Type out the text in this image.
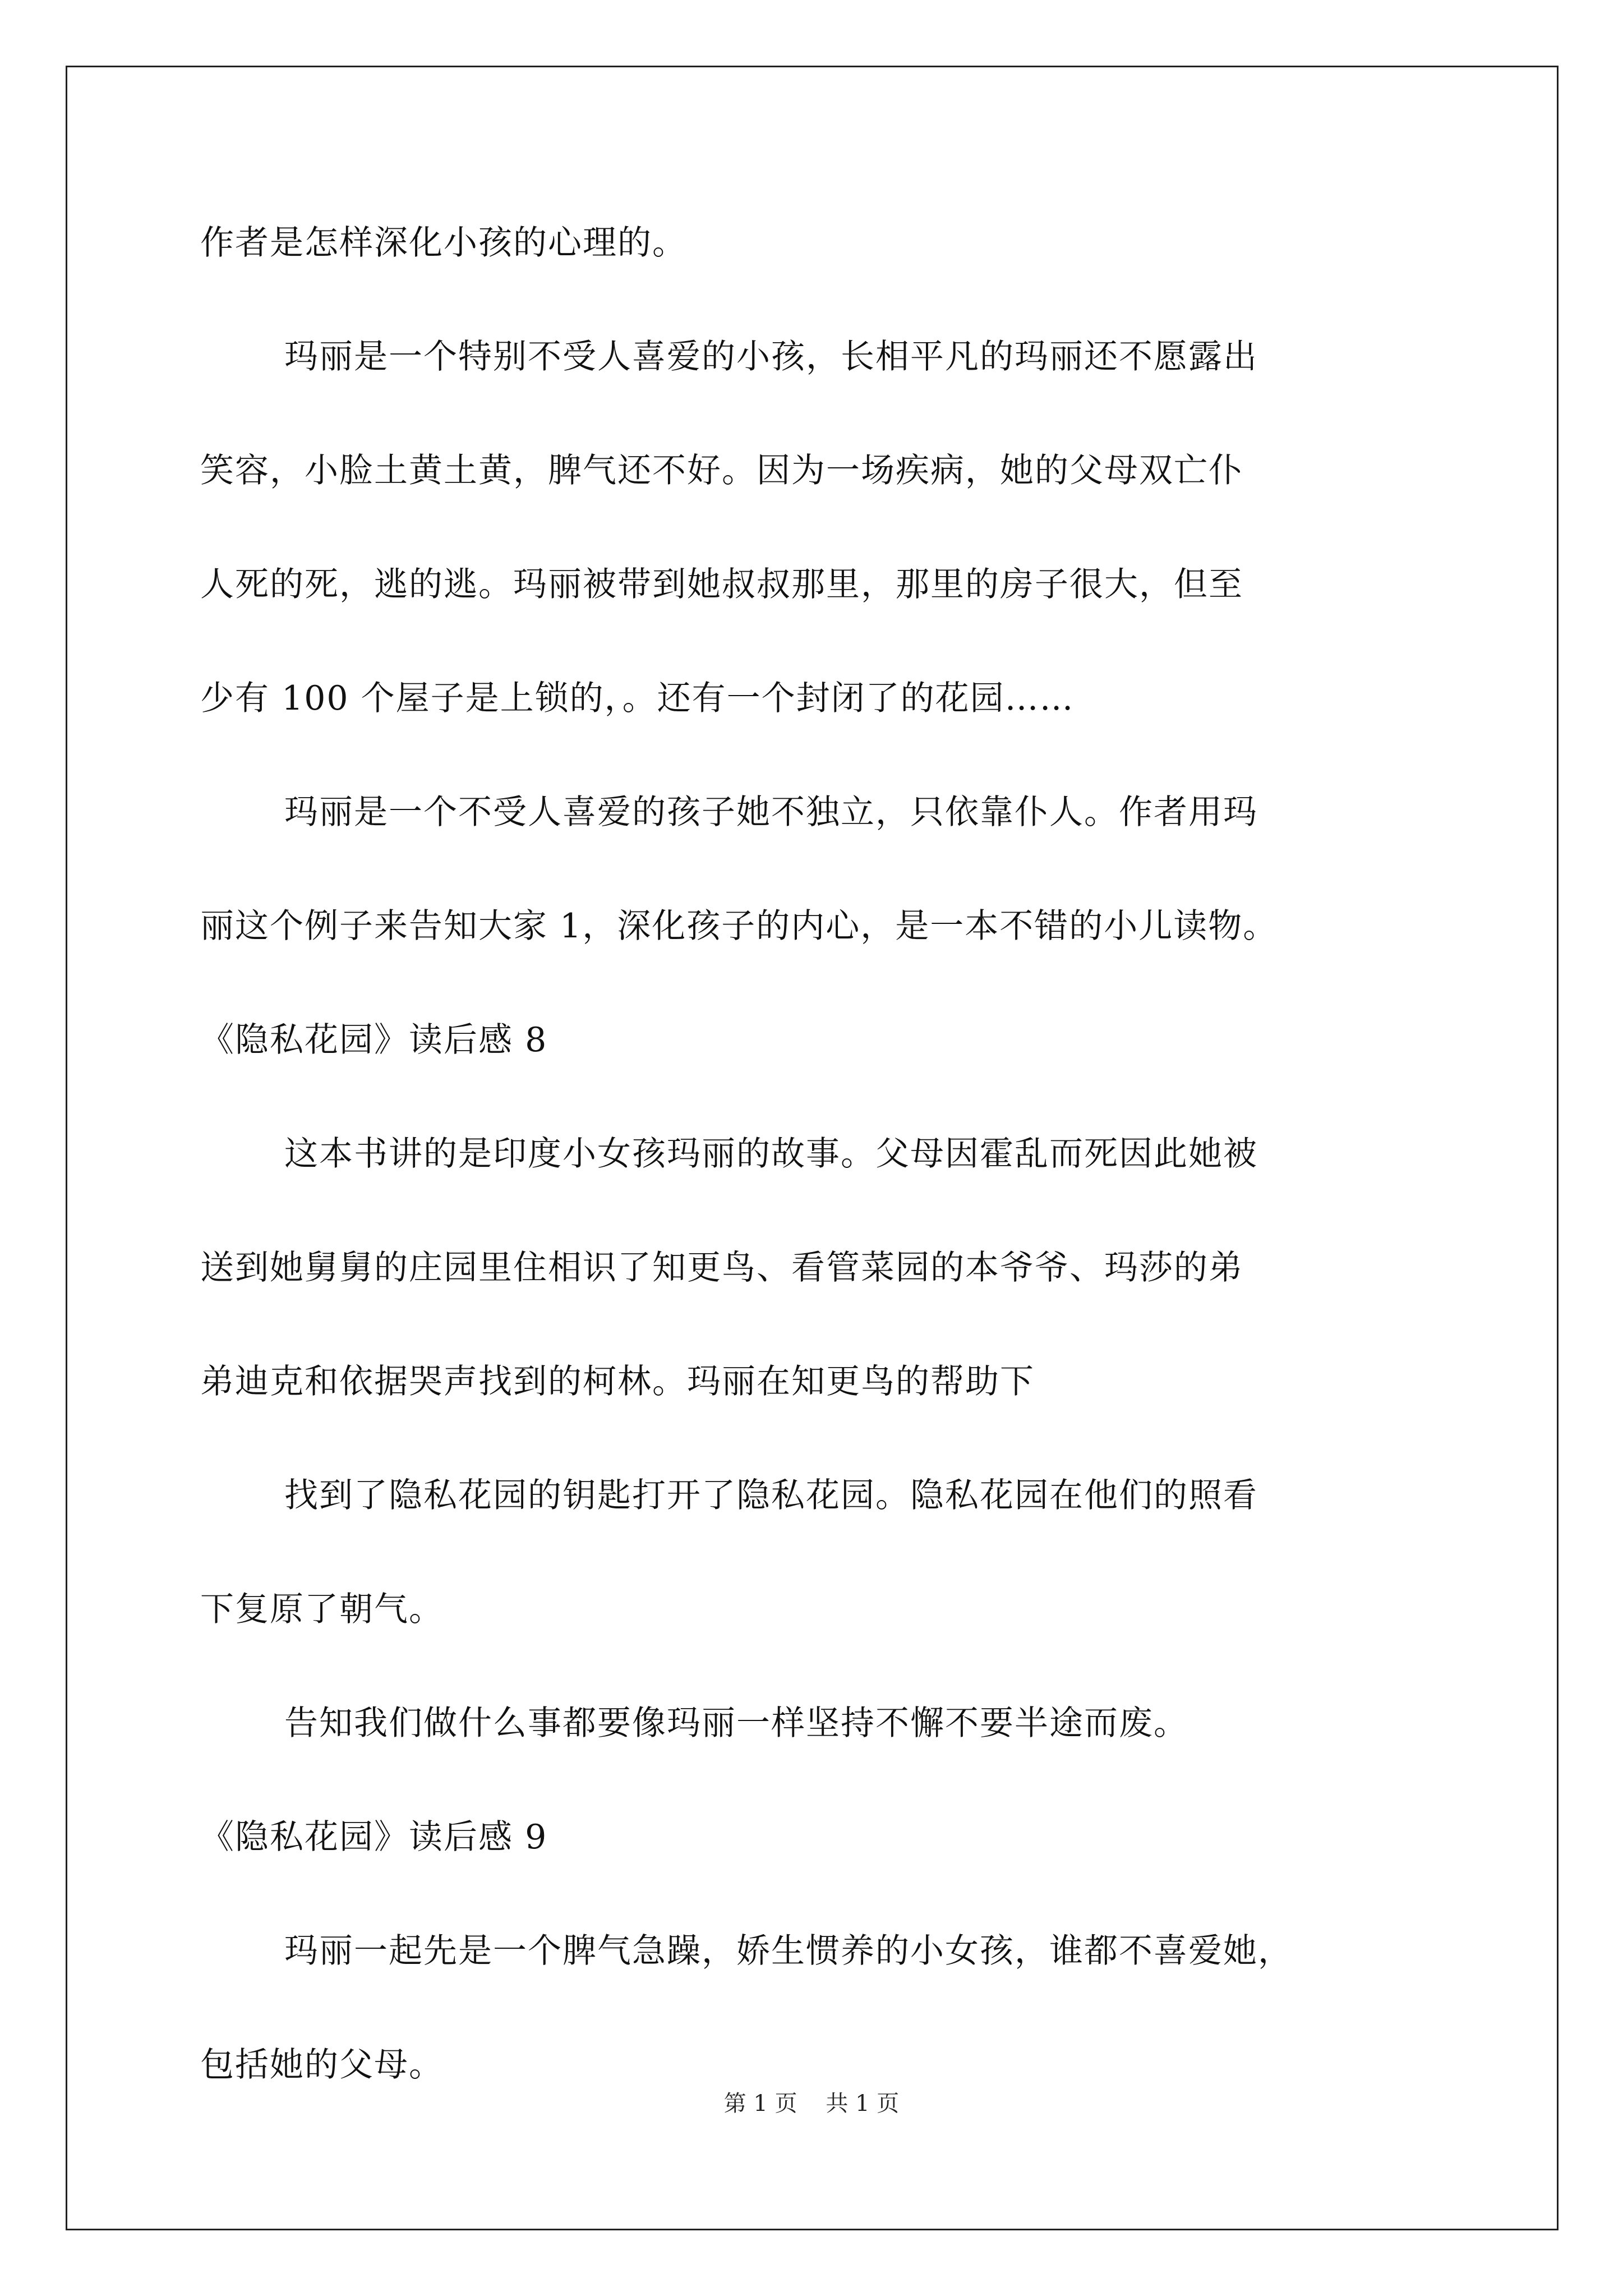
作者是怎样深化小孩的心理的。
玛丽是一个特别不受人喜爱的小孩，长相平凡的玛丽还不愿露出
笑容，小脸土黄土黄，脾气还不好。因为一场疾病，她的父母双亡仆
人死的死，逃的逃。玛丽被带到她叔叔那里，那里的房子很大，但至
少有 100 个屋子是上锁的，。还有一个封闭了的花园……
玛丽是一个不受人喜爱的孩子她不独立，只依靠仆人。作者用玛
丽这个例子来告知大家 1，深化孩子的内心，是一本不错的小儿读物。
《隐私花园》读后感 8
这本书讲的是印度小女孩玛丽的故事。父母因霍乱而死因此她被
送到她舅舅的庄园里住相识了知更鸟、看管菜园的本爷爷、玛莎的弟
弟迪克和依据哭声找到的柯林。玛丽在知更鸟的帮助下
找到了隐私花园的钥匙打开了隐私花园。隐私花园在他们的照看
下复原了朝气。
告知我们做什么事都要像玛丽一样坚持不懈不要半途而废。
《隐私花园》读后感 9
玛丽一起先是一个脾气急躁，娇生惯养的小女孩，谁都不喜爱她，
包括她的父母。
第 1 页    共 1 页
